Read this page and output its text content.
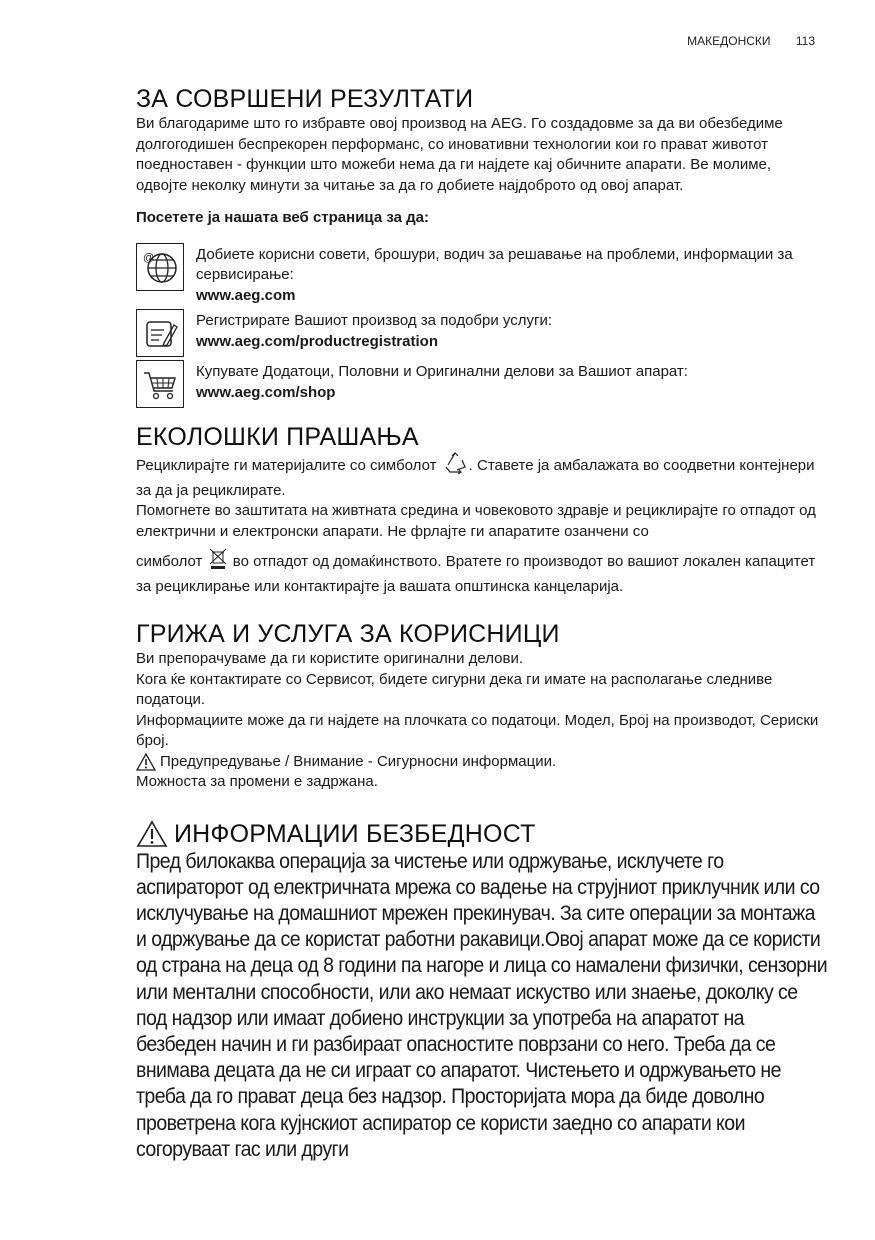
МАКЕДОНСКИ 113
ЗА СОВРШЕНИ РЕЗУЛТАТИ

Ви благодариме што го избравте овој производ на AEG. Го создадовме за да ви обезбедиме долгогодишен беспрекорен перформанс, со иновативни технологии кои го прават животот поедноставен - функции што можеби нема да ги најдете кај обичните апарати. Ве молиме, одвојте неколку минути за читање за да го добиете најдоброто од овој апарат.

Посетете ја нашата веб страница за да:

@	Добиете корисни совети, брошури, водич за решавање на проблеми, информации за сервисирање:

www.aeg.com

Регистрирате Вашиот производ за подобри услуги:

www.aeg.com/productregistration

Купувате Додатоци, Половни и Оригинални делови за Вашиот апарат:

www.aeg.com/shop

ЕКОЛОШКИ ПРАШАЊА

Рециклирајте ги материјалите со симболот . Ставете ја амбалажата во соодветни контејнери за да ја рециклирате.

Помогнете во заштитата на живтната средина и човековото здравје и рециклирајте го отпадот од електрични и електронски апарати. Не фрлајте ги апаратите озанчени со

симболот во отпадот од домаќинството. Вратете го производот во вашиот локален капацитет за рециклирање или контактирајте ја вашата општинска канцеларија.

ГРИЖА И УСЛУГА ЗА КОРИСНИЦИ

Ви препорачуваме да ги користите оригинални делови.

Кога ќе контактирате со Сервисот, бидете сигурни дека ги имате на располагање следниве податоци.

Информациите може да ги најдете на плочката со податоци. Модел, Број на производот, Сериски број.

Предупредување / Внимание - Сигурносни информации.

Можноста за промени е задржана.

ИНФОРМАЦИИ БЕЗБЕДНОСТ

Пред билокаква операција за чистење или одржување, исклучете го аспираторот од електричната мрежа со вадење на струјниот приклучник или со исклучување на домашниот мрежен прекинувач. За сите операции за монтажа и одржување да се користат работни ракавици.Овој апарат може да се користи од страна на деца од 8 години па нагоре и лица со намалени физички, сензорни или ментални способности, или ако немаат искуство или знаење, доколку се под надзор или имаат добиено инструкции за употреба на апаратот на безбеден начин и ги разбираат опасностите поврзани со него. Треба да се внимава децата да не си играат со апаратот. Чистењето и одржувањето не треба да го прават деца без надзор. Просторијата мора да биде доволно проветрена кога кујнскиот аспиратор се користи заедно со апарати кои согоруваат гас или други
